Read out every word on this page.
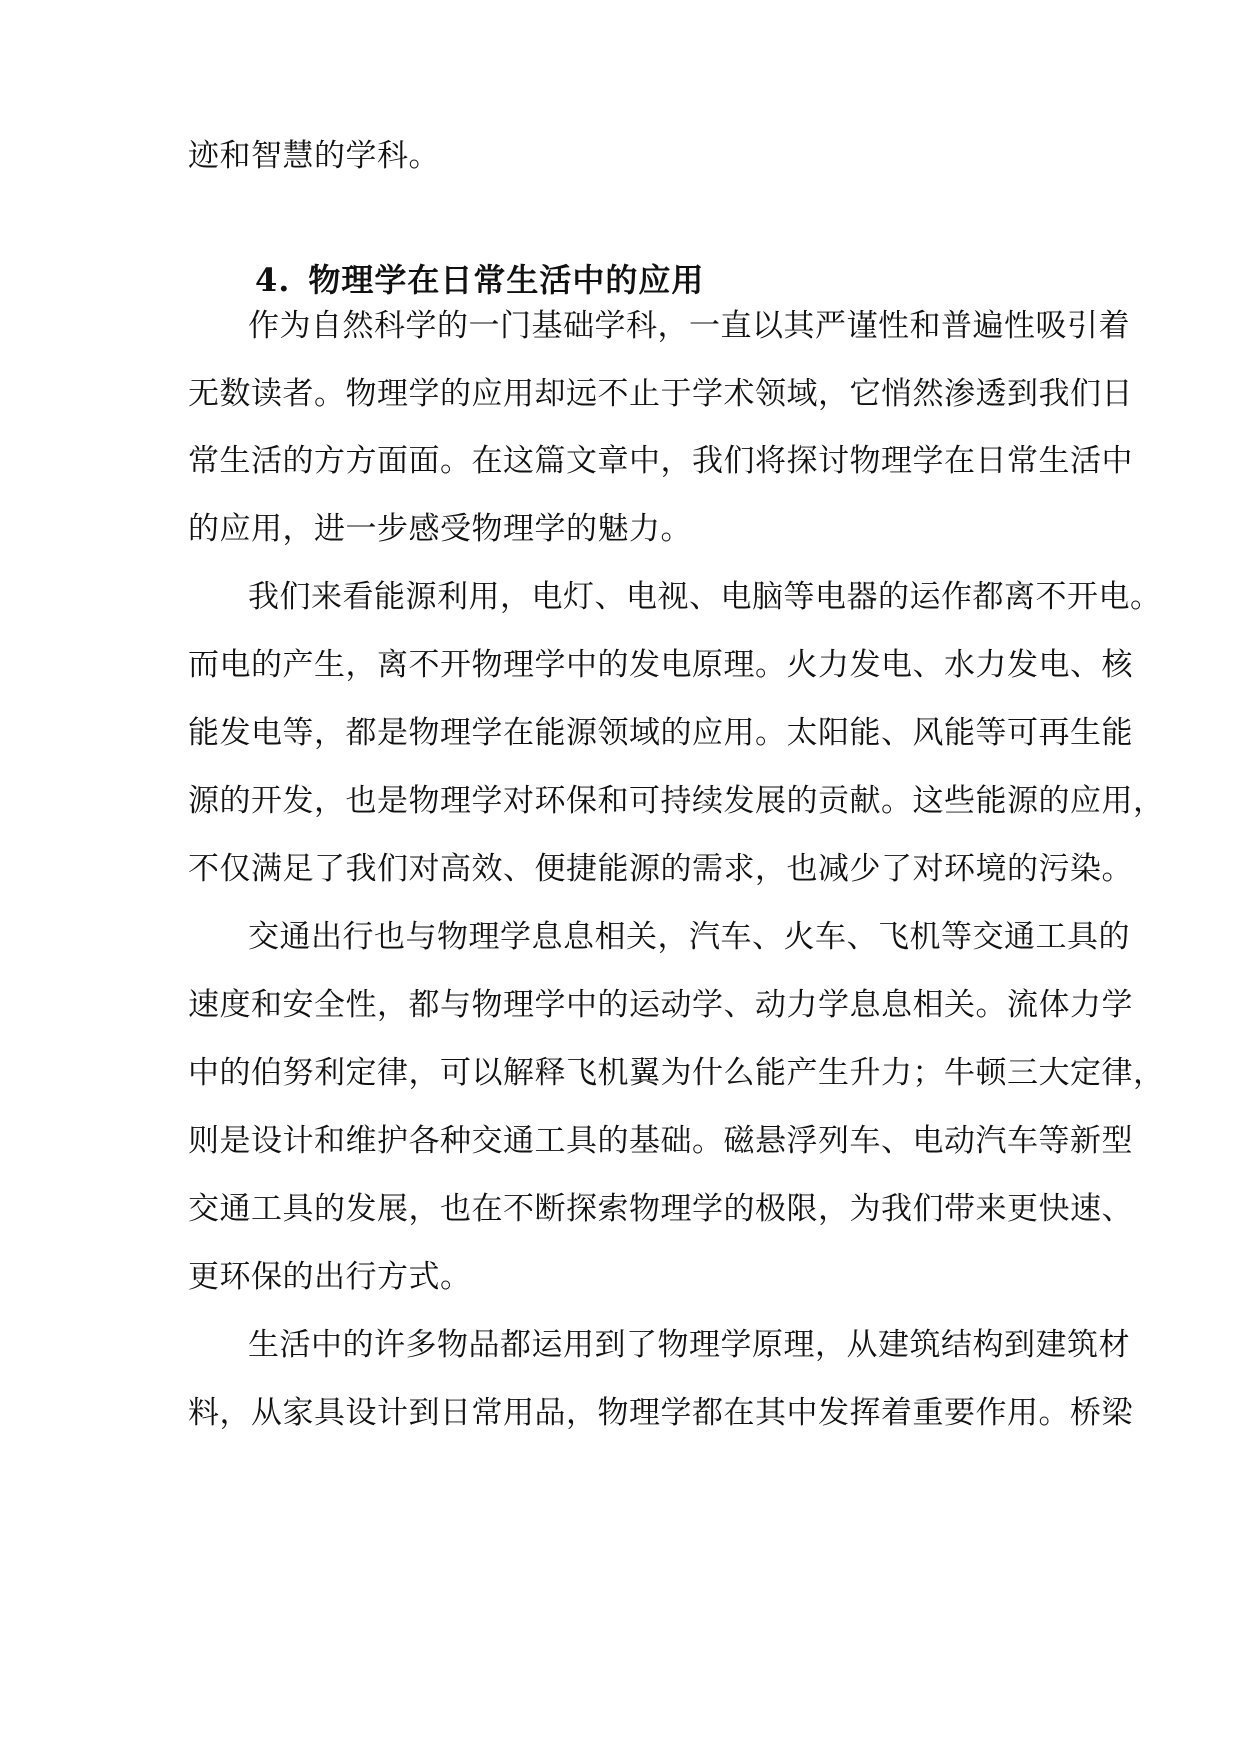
迹和智慧的学科。
4. 物理学在日常生活中的应用
作为自然科学的一门基础学科，一直以其严谨性和普遍性吸引着
无数读者。物理学的应用却远不止于学术领域，它悄然渗透到我们日
常生活的方方面面。在这篇文章中，我们将探讨物理学在日常生活中
的应用，进一步感受物理学的魅力。
我们来看能源利用，电灯、电视、电脑等电器的运作都离不开电。
而电的产生，离不开物理学中的发电原理。火力发电、水力发电、核
能发电等，都是物理学在能源领域的应用。太阳能、风能等可再生能
源的开发，也是物理学对环保和可持续发展的贡献。这些能源的应用，
不仅满足了我们对高效、便捷能源的需求，也减少了对环境的污染。
交通出行也与物理学息息相关，汽车、火车、飞机等交通工具的
速度和安全性，都与物理学中的运动学、动力学息息相关。流体力学
中的伯努利定律，可以解释飞机翼为什么能产生升力；牛顿三大定律，
则是设计和维护各种交通工具的基础。磁悬浮列车、电动汽车等新型
交通工具的发展，也在不断探索物理学的极限，为我们带来更快速、
更环保的出行方式。
生活中的许多物品都运用到了物理学原理，从建筑结构到建筑材
料，从家具设计到日常用品，物理学都在其中发挥着重要作用。桥梁
